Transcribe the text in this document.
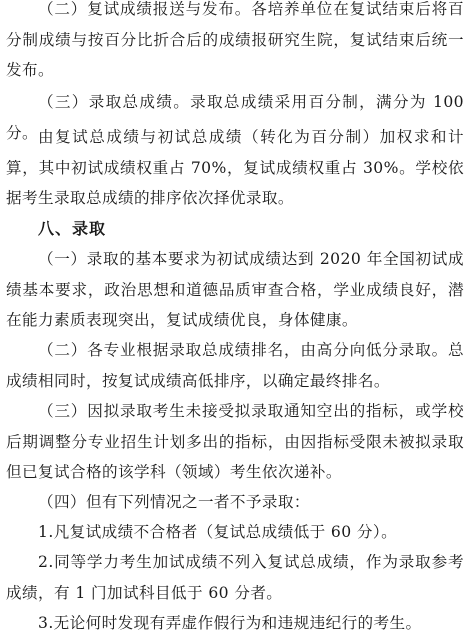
（二）复试成绩报送与发布。各培养单位在复试结束后将百分制成绩与按百分比折合后的成绩报研究生院，复试结束后统一发布。

（三）录取总成绩。录取总成绩采用百分制，满分为 100 分。 由复试总成绩与初试总成绩（转化为百分制）加权求和计算，其中初试成绩权重占 70%，复试成绩权重占 30%。学校依据考生录取总成绩的排序依次择优录取。

八、录取

（一）录取的基本要求为初试成绩达到 2020 年全国初试成绩基本要求，政治思想和道德品质审查合格，学业成绩良好，潜在能力素质表现突出，复试成绩优良，身体健康。

（二）各专业根据录取总成绩排名，由高分向低分录取。总成绩相同时，按复试成绩高低排序，以确定最终排名。

（三）因拟录取考生未接受拟录取通知空出的指标，或学校后期调整分专业招生计划多出的指标，由因指标受限未被拟录取但已复试合格的该学科（领域）考生依次递补。

（四）但有下列情况之一者不予录取：

1.凡复试成绩不合格者（复试总成绩低于 60 分）。

2.同等学力考生加试成绩不列入复试总成绩，作为录取参考成绩，有 1 门加试科目低于 60 分者。

3.无论何时发现有弄虚作假行为和违规违纪行的考生。
